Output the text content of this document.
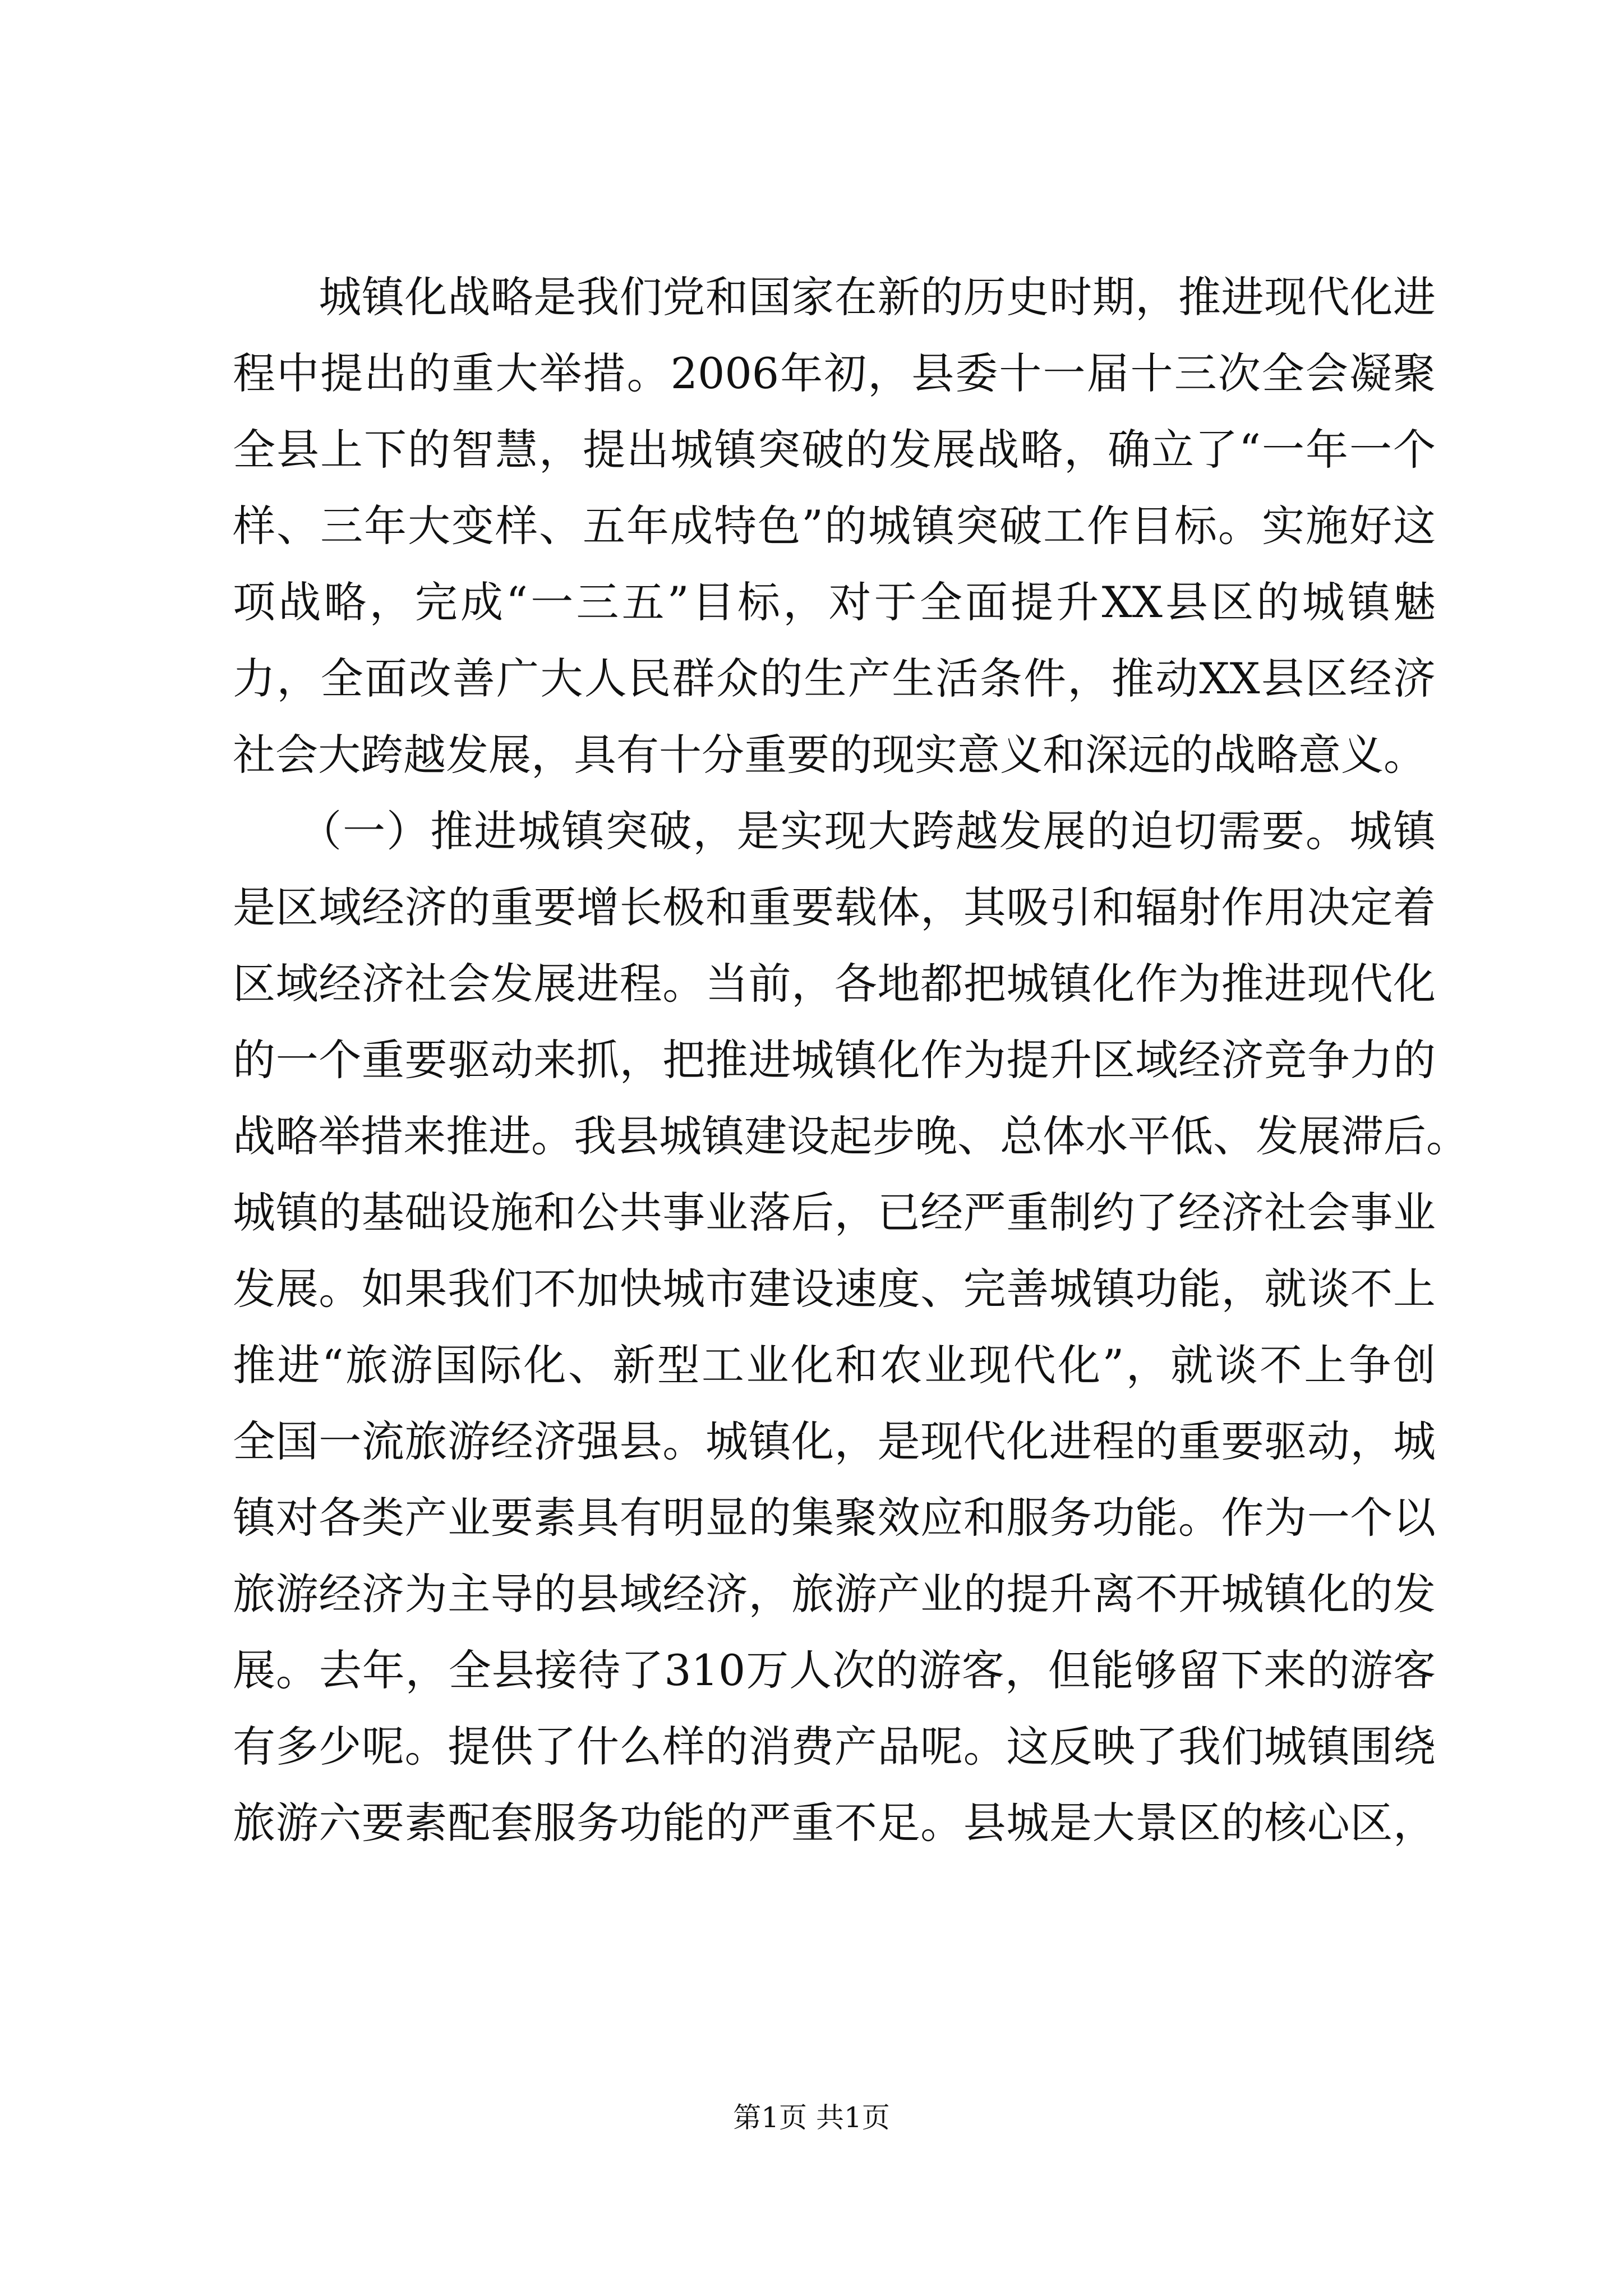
　　城镇化战略是我们党和国家在新的历史时期，推进现代化进
程中提出的重大举措。2006年初，县委十一届十三次全会凝聚
全县上下的智慧，提出城镇突破的发展战略，确立了“一年一个
样、三年大变样、五年成特色”的城镇突破工作目标。实施好这
项战略，完成“一三五”目标，对于全面提升XX县区的城镇魅
力，全面改善广大人民群众的生产生活条件，推动XX县区经济
社会大跨越发展，具有十分重要的现实意义和深远的战略意义。
　　（一）推进城镇突破，是实现大跨越发展的迫切需要。城镇
是区域经济的重要增长极和重要载体，其吸引和辐射作用决定着
区域经济社会发展进程。当前，各地都把城镇化作为推进现代化
的一个重要驱动来抓，把推进城镇化作为提升区域经济竞争力的
战略举措来推进。我县城镇建设起步晚、总体水平低、发展滞后。
城镇的基础设施和公共事业落后，已经严重制约了经济社会事业
发展。如果我们不加快城市建设速度、完善城镇功能，就谈不上
推进“旅游国际化、新型工业化和农业现代化”，就谈不上争创
全国一流旅游经济强县。城镇化，是现代化进程的重要驱动，城
镇对各类产业要素具有明显的集聚效应和服务功能。作为一个以
旅游经济为主导的县域经济，旅游产业的提升离不开城镇化的发
展。去年，全县接待了310万人次的游客，但能够留下来的游客
有多少呢。提供了什么样的消费产品呢。这反映了我们城镇围绕
旅游六要素配套服务功能的严重不足。县城是大景区的核心区，
第1页 共1页
